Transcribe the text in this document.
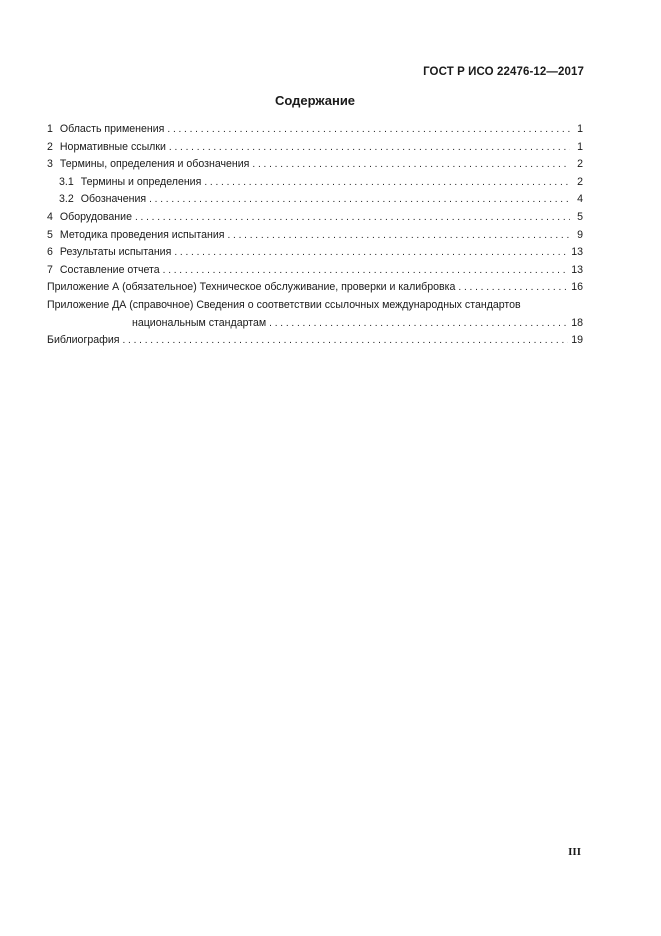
ГОСТ Р ИСО 22476-12—2017
Содержание
1 Область применения . . .	1
2 Нормативные ссылки . . .	1
3 Термины, определения и обозначения . . .	2
3.1 Термины и определения . . .	2
3.2 Обозначения . . .	4
4 Оборудование . . .	5
5 Методика проведения испытания . . .	9
6 Результаты испытания . . .	13
7 Составление отчета . . .	13
Приложение А (обязательное) Техническое обслуживание, проверки и калибровка . . .	16
Приложение ДА (справочное) Сведения о соответствии ссылочных международных стандартов
национальным стандартам . . .	18
Библиография . . .	19
III
